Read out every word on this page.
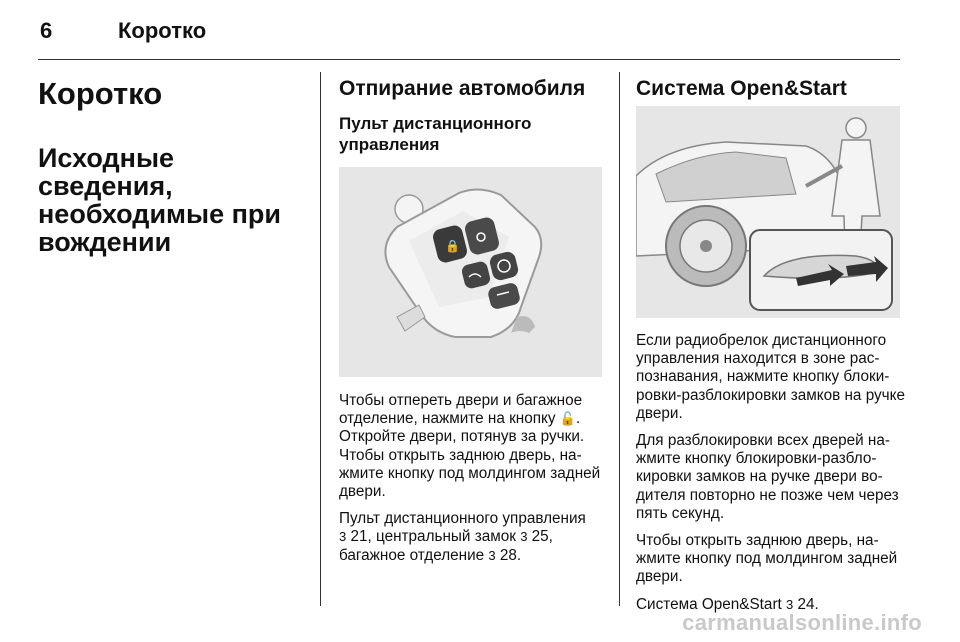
6	Коротко
Коротко
Исходные сведения, необходимые при вождении
Отпирание автомобиля
Пульт дистанционного управления
🔒

Чтобы отпереть двери и багажное отделение, нажмите на кнопку 🔓.
Откройте двери, потянув за ручки.
Чтобы открыть заднюю дверь, нажмите кнопку под молдингом задней двери.

Пульт дистанционного управления
3 21, центральный замок 3 25,
багажное отделение 3 28.

Система Open&Start

Если радиобрелок дистанционного управления находится в зоне распознавания, нажмите кнопку блокировки-разблокировки замков на ручке двери.

Для разблокировки всех дверей нажмите кнопку блокировки-разблокировки замков на ручке двери водителя повторно не позже чем через пять секунд.

Чтобы открыть заднюю дверь, нажмите кнопку под молдингом задней двери.

Система Open&Start 3 24.

carmanualsonline.info
